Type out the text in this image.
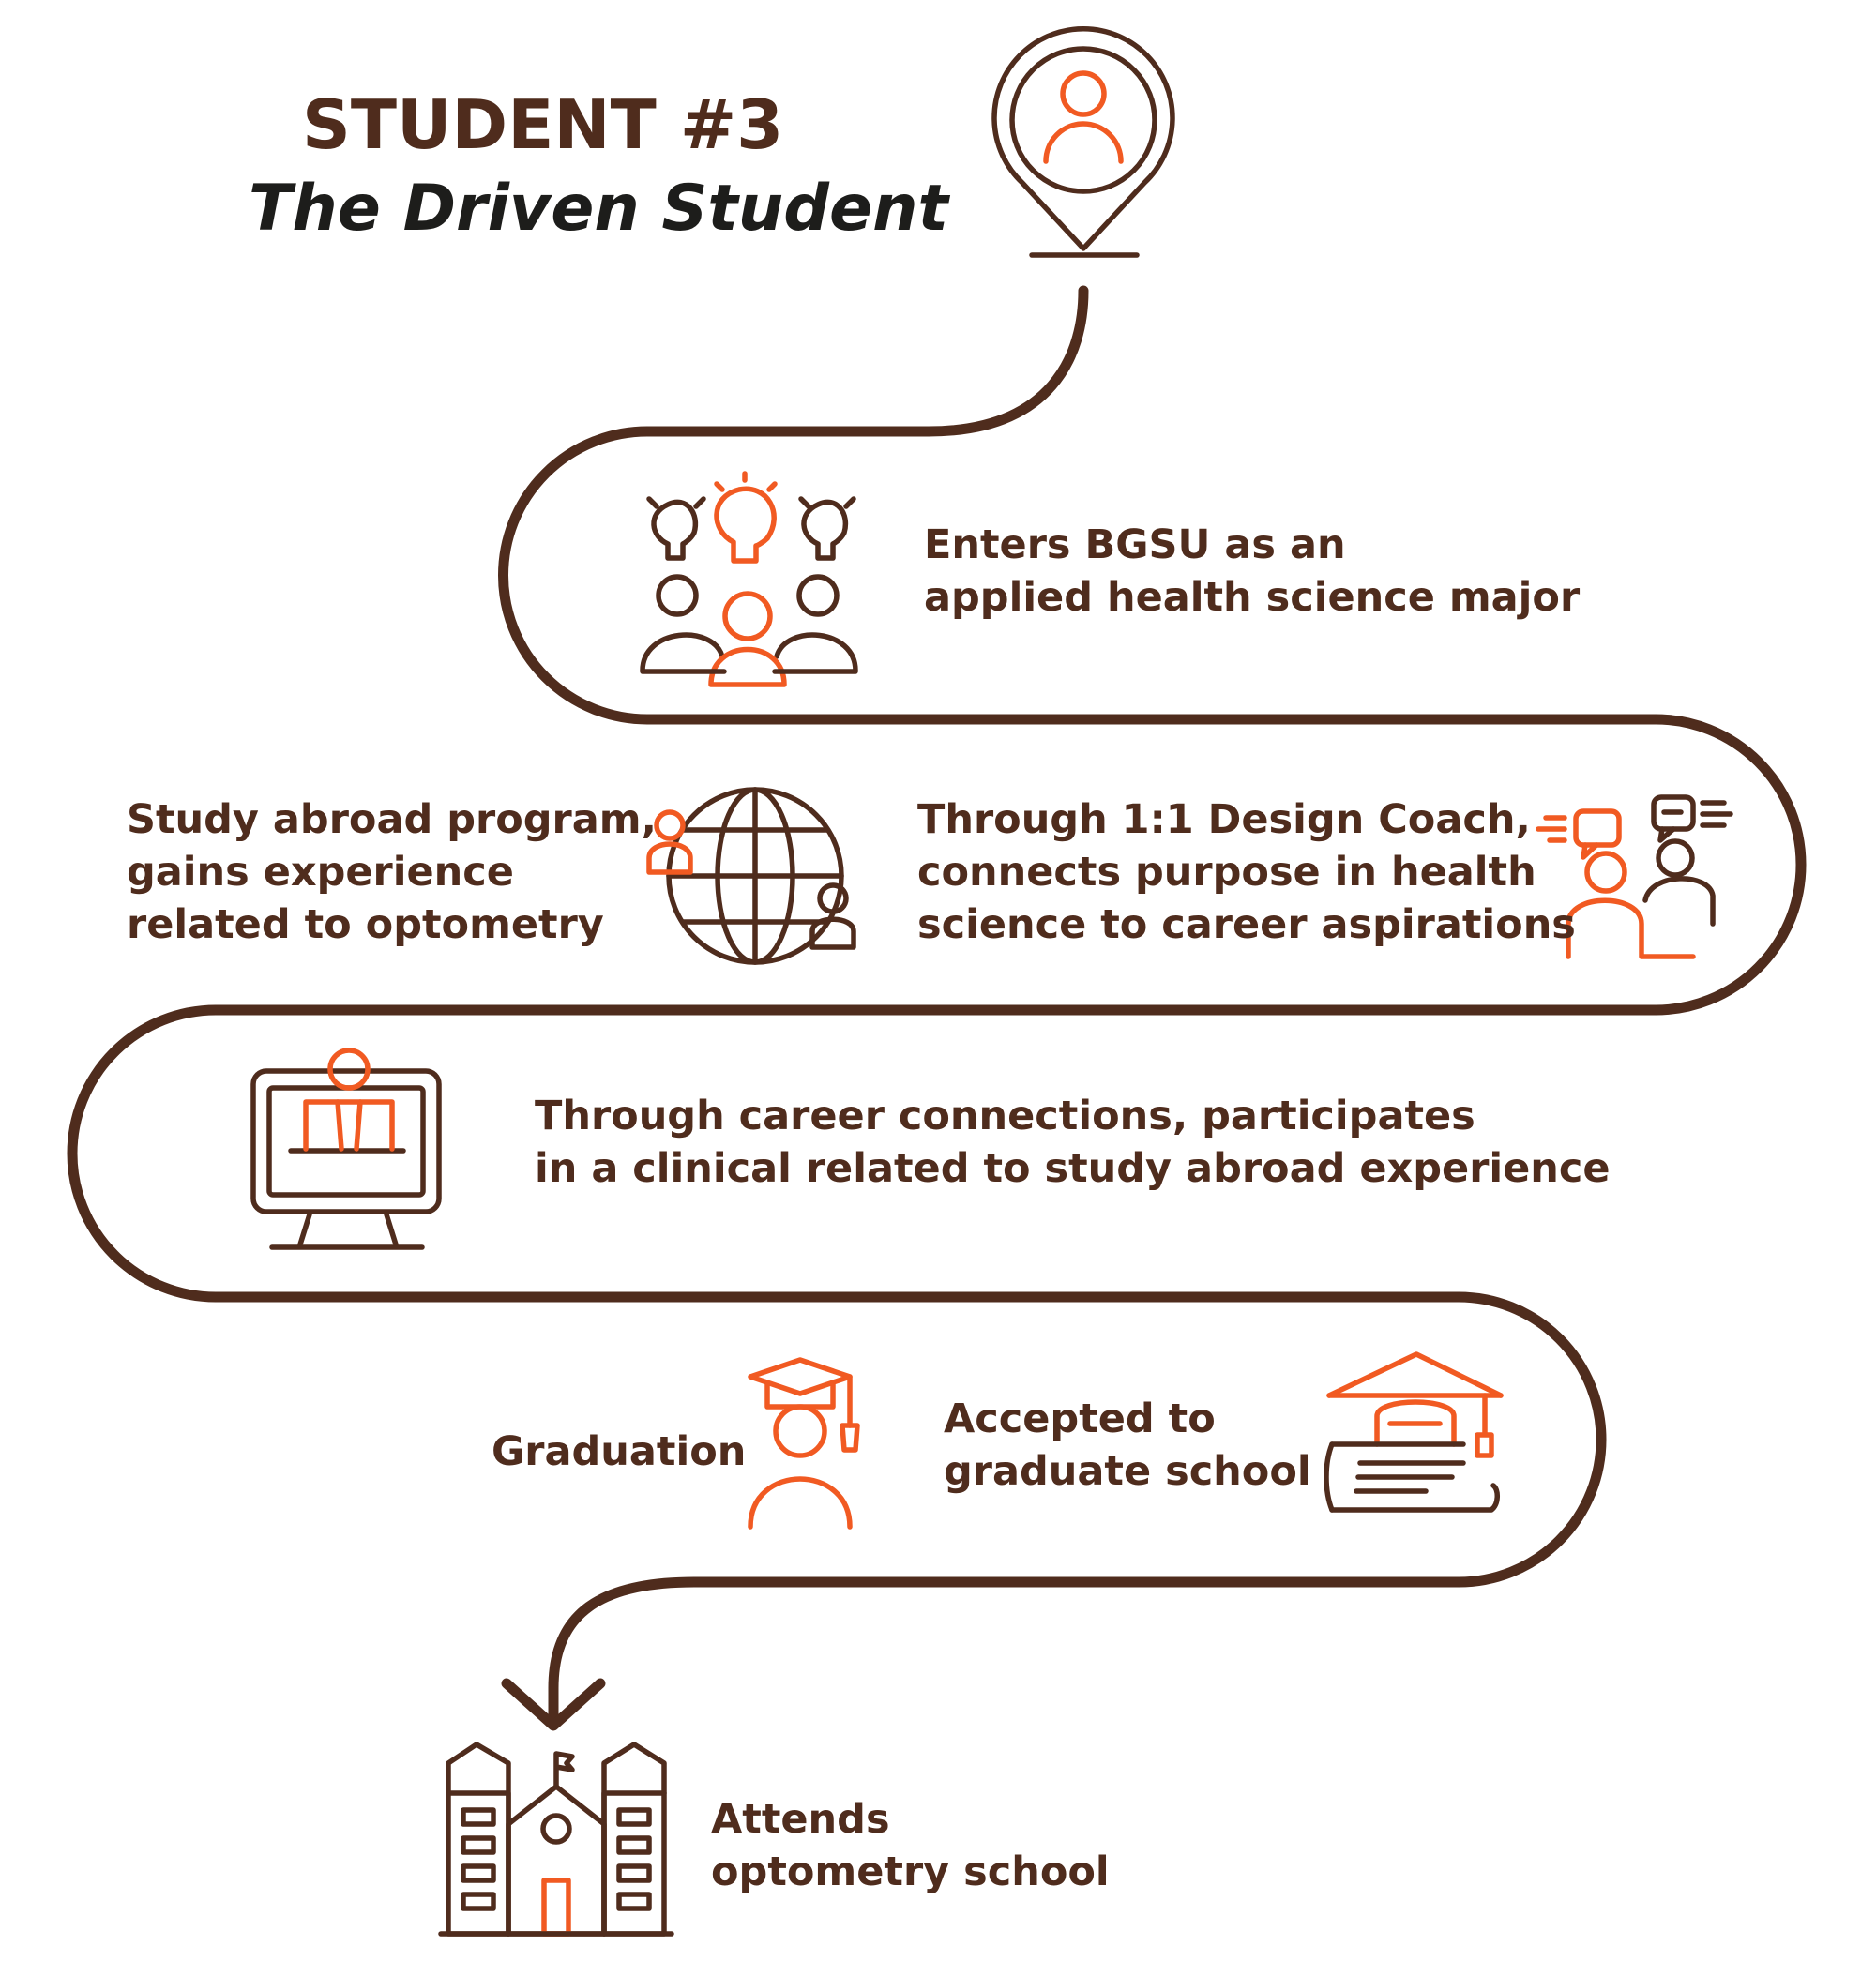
STUDENT #3
The Driven Student
Enters BGSU as an
applied health science major
Study abroad program,
gains experience
related to optometry
Through 1:1 Design Coach,
connects purpose in health
science to career aspirations
Through career connections, participates
in a clinical related to study abroad experience
Graduation
Accepted to
graduate school
Attends
optometry school
